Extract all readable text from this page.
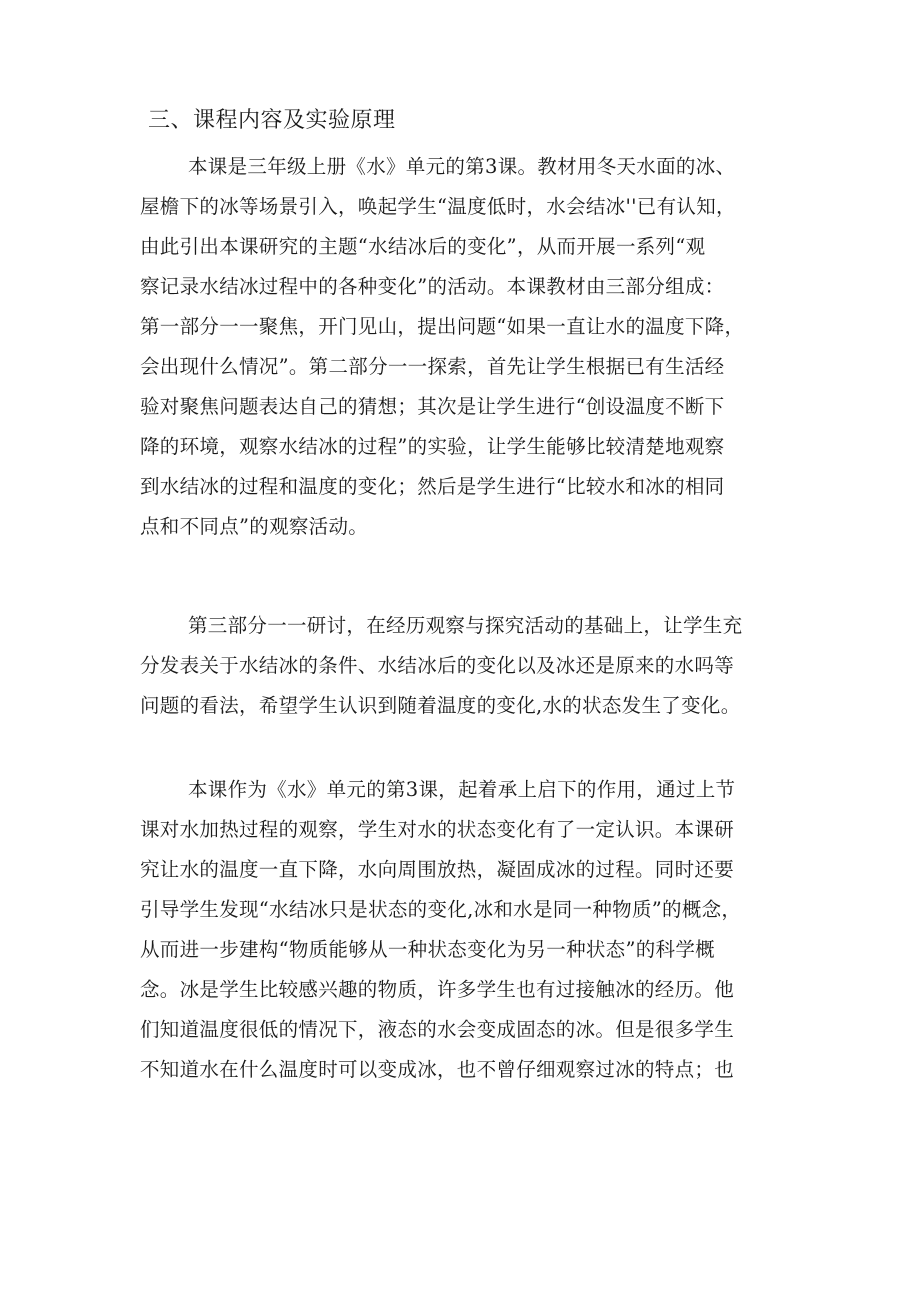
三、课程内容及实验原理
本课是三年级上册《水》单元的第3课。教材用冬天水面的冰、
屋檐下的冰等场景引入，唤起学生“温度低时，水会结冰''已有认知，
由此引出本课研究的主题“水结冰后的变化”，从而开展一系列“观
察记录水结冰过程中的各种变化”的活动。本课教材由三部分组成：
第一部分一一聚焦，开门见山，提出问题“如果一直让水的温度下降，
会出现什么情况”。第二部分一一探索，首先让学生根据已有生活经
验对聚焦问题表达自己的猜想；其次是让学生进行“创设温度不断下
降的环境，观察水结冰的过程”的实验，让学生能够比较清楚地观察
到水结冰的过程和温度的变化；然后是学生进行“比较水和冰的相同
点和不同点”的观察活动。
第三部分一一研讨，在经历观察与探究活动的基础上，让学生充
分发表关于水结冰的条件、水结冰后的变化以及冰还是原来的水吗等
问题的看法，希望学生认识到随着温度的变化,水的状态发生了变化。
本课作为《水》单元的第3课，起着承上启下的作用，通过上节
课对水加热过程的观察，学生对水的状态变化有了一定认识。本课研
究让水的温度一直下降，水向周围放热，凝固成冰的过程。同时还要
引导学生发现“水结冰只是状态的变化,冰和水是同一种物质”的概念，
从而进一步建构“物质能够从一种状态变化为另一种状态”的科学概
念。冰是学生比较感兴趣的物质，许多学生也有过接触冰的经历。他
们知道温度很低的情况下，液态的水会变成固态的冰。但是很多学生
不知道水在什么温度时可以变成冰，也不曾仔细观察过冰的特点；也
